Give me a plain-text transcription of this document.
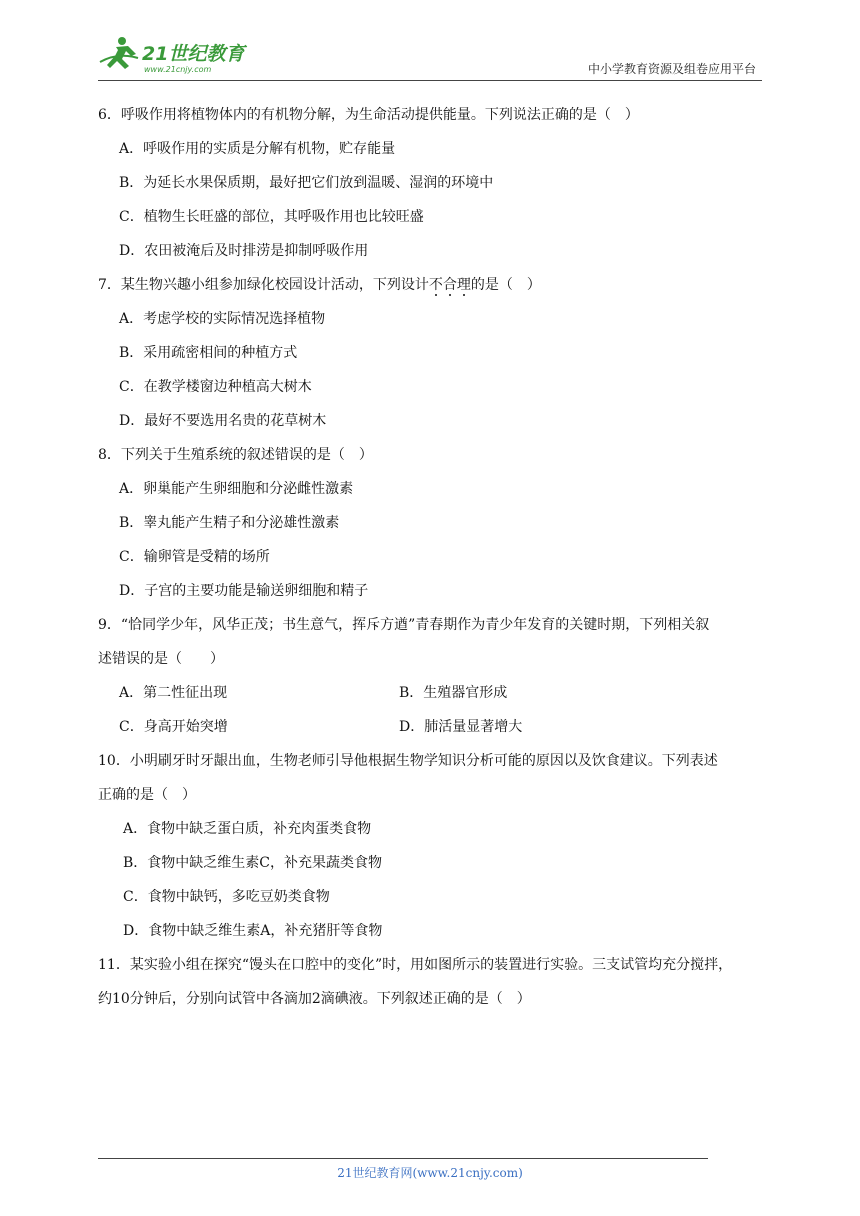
21世纪教育
www.21cnjy.com	中小学教育资源及组卷应用平台
6．呼吸作用将植物体内的有机物分解，为生命活动提供能量。下列说法正确的是（　）
A．呼吸作用的实质是分解有机物，贮存能量
B．为延长水果保质期，最好把它们放到温暖、湿润的环境中
C．植物生长旺盛的部位，其呼吸作用也比较旺盛
D．农田被淹后及时排涝是抑制呼吸作用
7．某生物兴趣小组参加绿化校园设计活动，下列设计不合理
的是（　）
A．考虑学校的实际情况选择植物
B．采用疏密相间的种植方式
C．在教学楼窗边种植高大树木
D．最好不要选用名贵的花草树木
8．下列关于生殖系统的叙述错误的是（　）
A．卵巢能产生卵细胞和分泌雌性激素
B．睾丸能产生精子和分泌雄性激素
C．输卵管是受精的场所
D．子宫的主要功能是输送卵细胞和精子
9．“恰同学少年，风华正茂；书生意气，挥斥方遒”青春期作为青少年发育的关键时期，下列相关叙
述错误的是（　　）
A．第二性征出现	B．生殖器官形成
C．身高开始突增	D．肺活量显著增大
10．小明刷牙时牙龈出血，生物老师引导他根据生物学知识分析可能的原因以及饮食建议。下列表述
正确的是（　）
A．食物中缺乏蛋白质，补充肉蛋类食物
B．食物中缺乏维生素C，补充果蔬类食物
C．食物中缺钙，多吃豆奶类食物
D．食物中缺乏维生素A，补充猪肝等食物
11．某实验小组在探究“馒头在口腔中的变化”时，用如图所示的装置进行实验。三支试管均充分搅拌，
约10分钟后，分别向试管中各滴加2滴碘液。下列叙述正确的是（　）
21世纪教育网(www.21cnjy.com)
